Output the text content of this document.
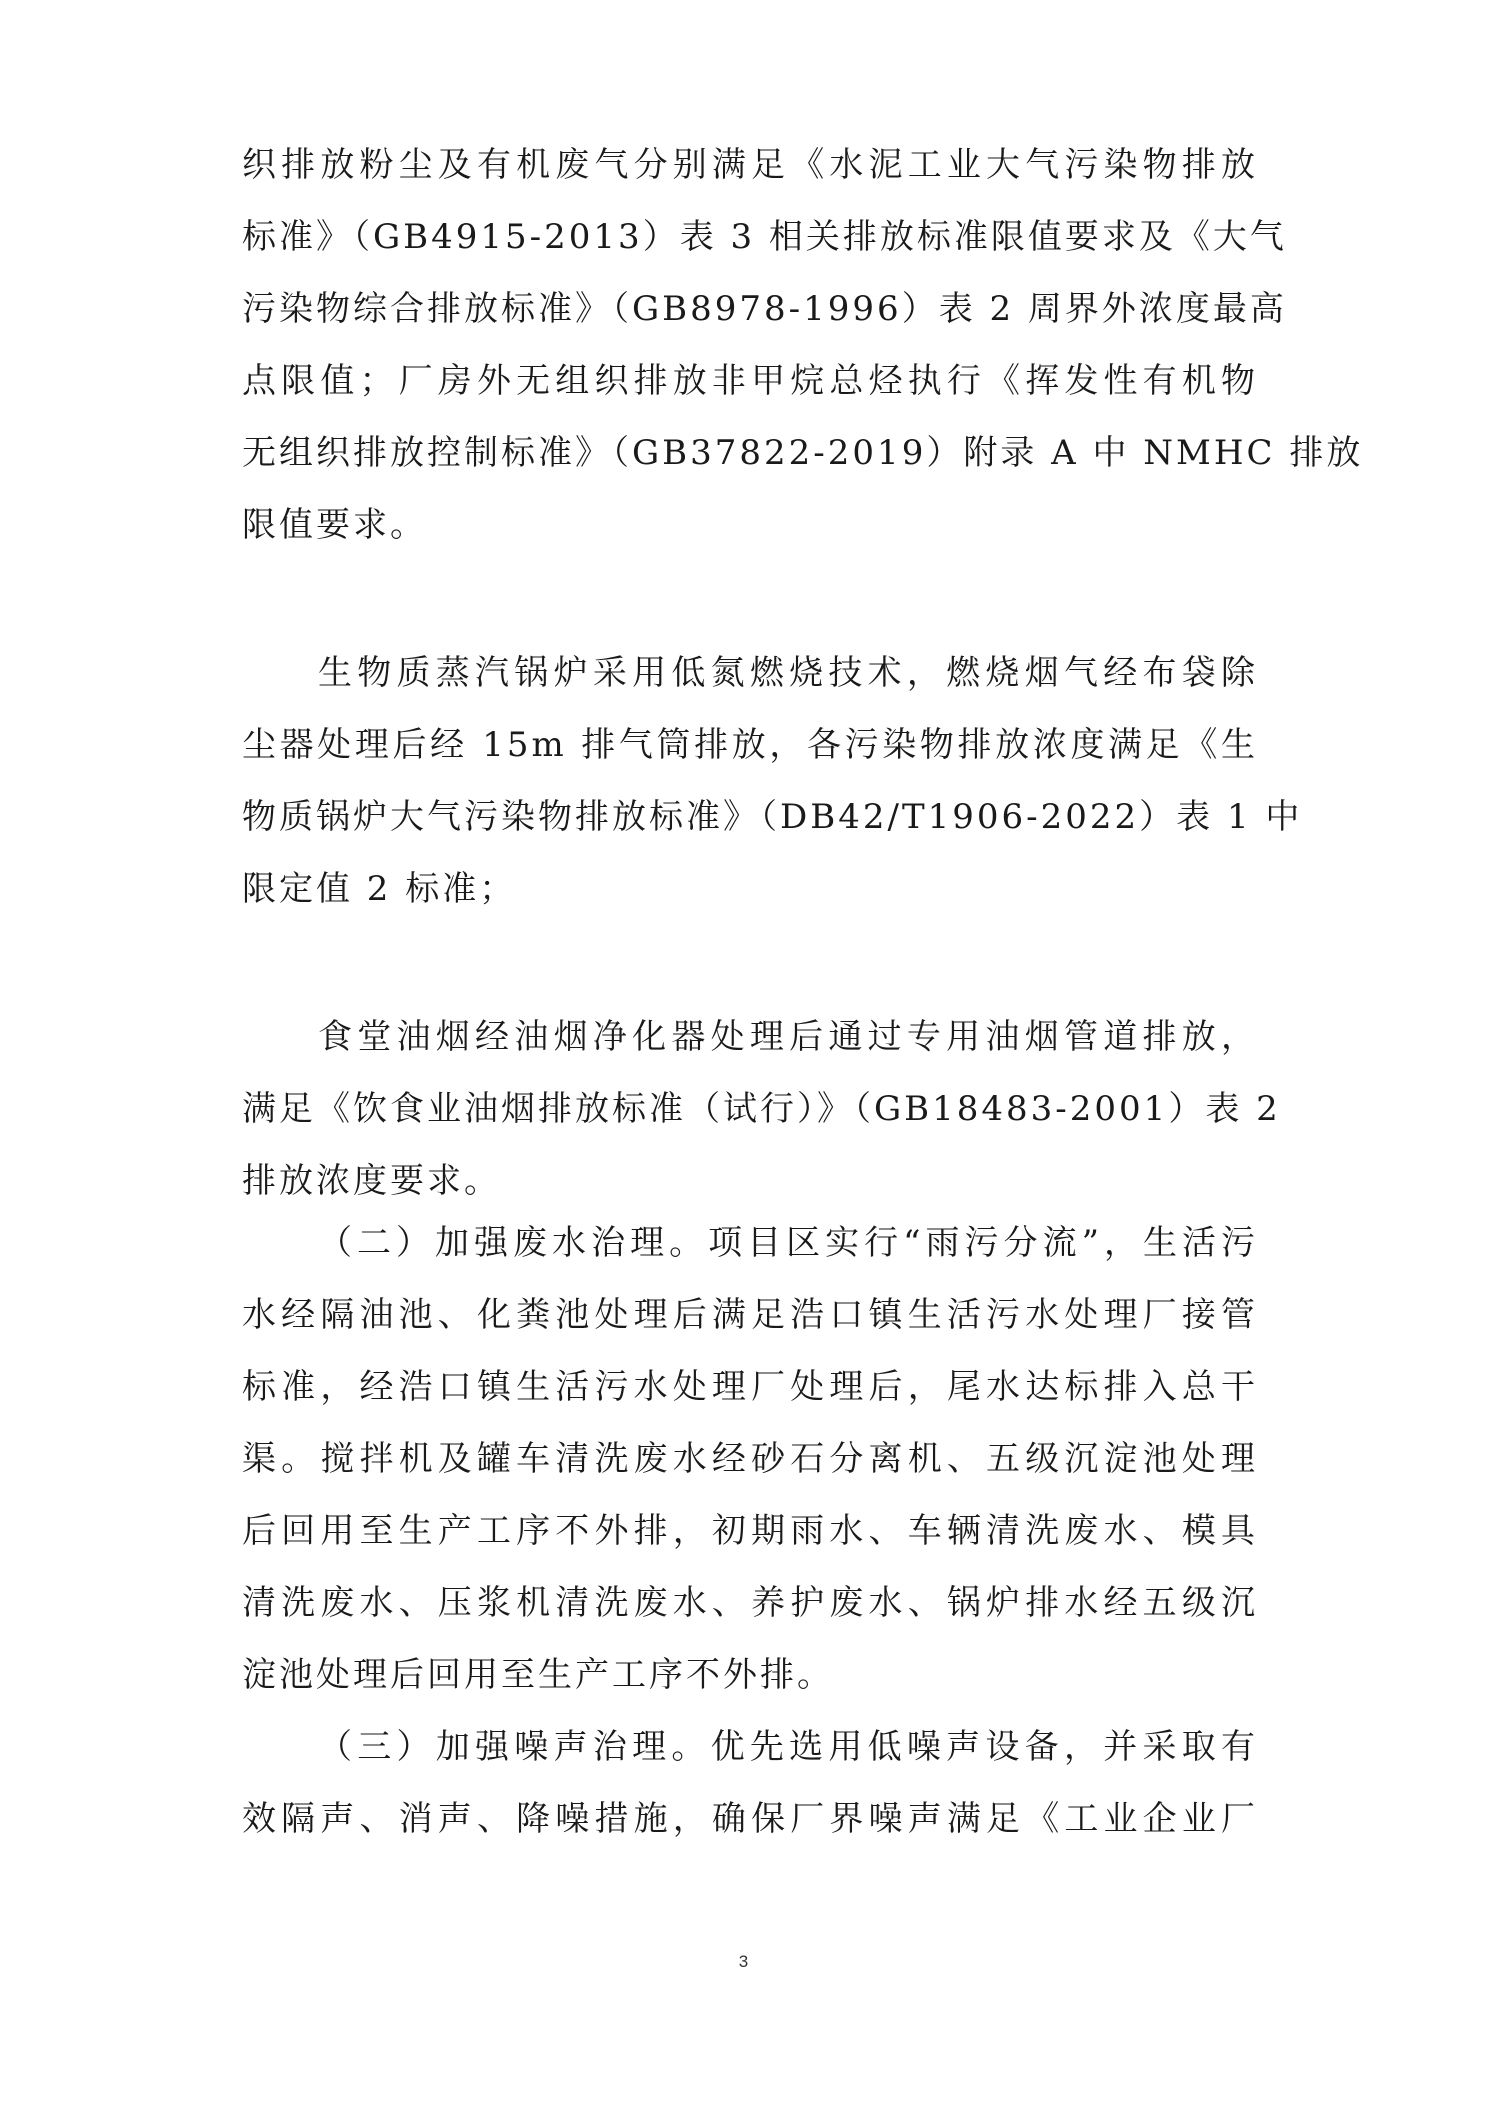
织排放粉尘及有机废气分别满足《水泥工业大气污染物排放
标准》（GB4915-2013）表 3 相关排放标准限值要求及《大气
污染物综合排放标准》（GB8978-1996）表 2 周界外浓度最高
点限值；厂房外无组织排放非甲烷总烃执行《挥发性有机物
无组织排放控制标准》（GB37822-2019）附录 A 中 NMHC 排放
限值要求。
生物质蒸汽锅炉采用低氮燃烧技术，燃烧烟气经布袋除
尘器处理后经 15m 排气筒排放，各污染物排放浓度满足《生
物质锅炉大气污染物排放标准》（DB42/T1906-2022）表 1 中
限定值 2 标准；
食堂油烟经油烟净化器处理后通过专用油烟管道排放，
满足《饮食业油烟排放标准（试行）》（GB18483-2001）表 2
排放浓度要求。
（二）加强废水治理。项目区实行“雨污分流”，生活污
水经隔油池、化粪池处理后满足浩口镇生活污水处理厂接管
标准，经浩口镇生活污水处理厂处理后，尾水达标排入总干
渠。搅拌机及罐车清洗废水经砂石分离机、五级沉淀池处理
后回用至生产工序不外排，初期雨水、车辆清洗废水、模具
清洗废水、压浆机清洗废水、养护废水、锅炉排水经五级沉
淀池处理后回用至生产工序不外排。
（三）加强噪声治理。优先选用低噪声设备，并采取有
效隔声、消声、降噪措施，确保厂界噪声满足《工业企业厂
3
